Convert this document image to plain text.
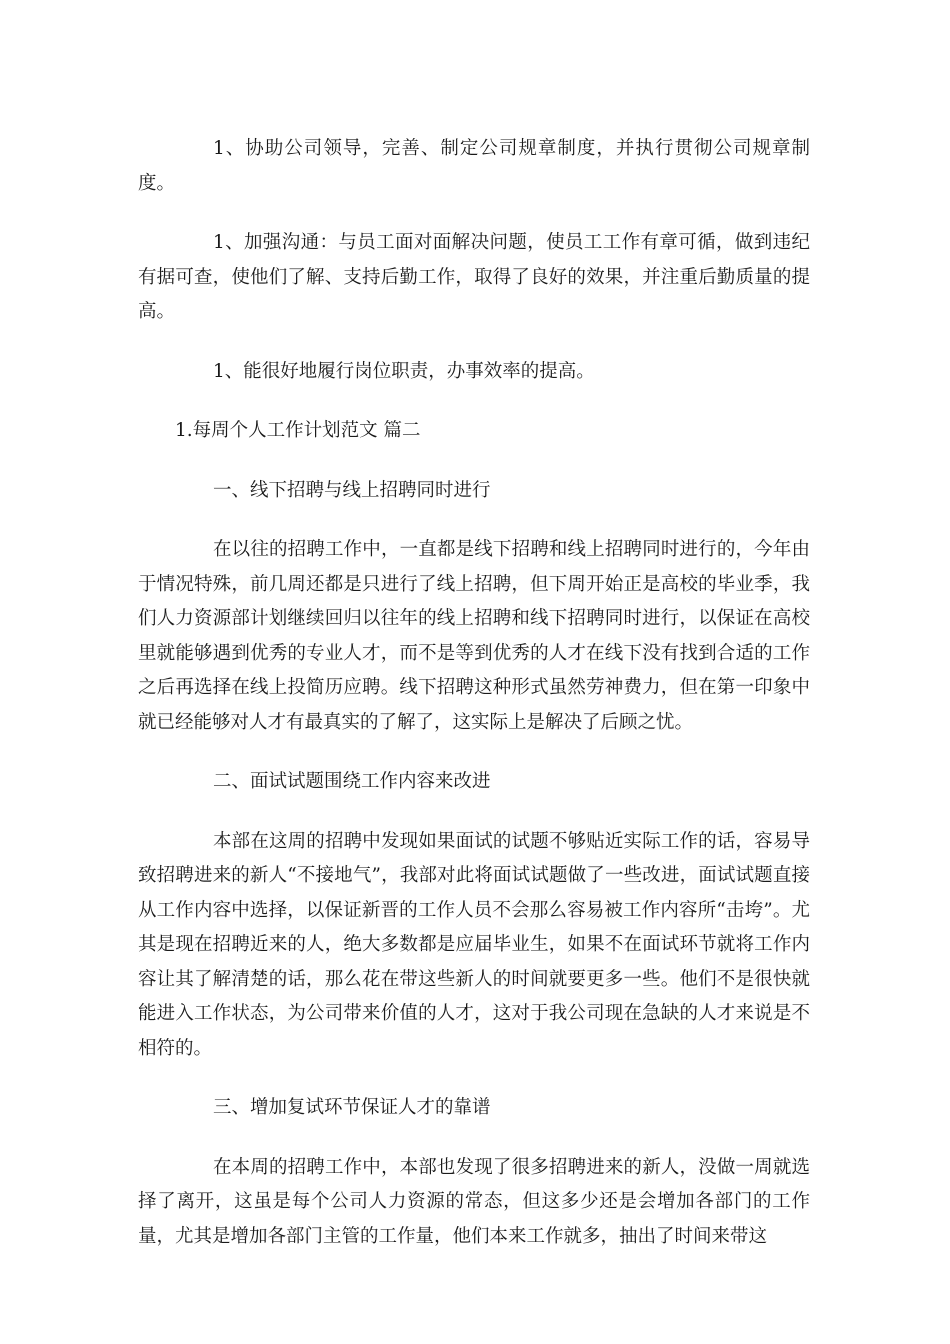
1、协助公司领导，完善、制定公司规章制度，并执行贯彻公司规章制度。

1、加强沟通：与员工面对面解决问题，使员工工作有章可循，做到违纪有据可查，使他们了解、支持后勤工作，取得了良好的效果，并注重后勤质量的提高。

1、能很好地履行岗位职责，办事效率的提高。

1.每周个人工作计划范文 篇二

一、线下招聘与线上招聘同时进行

在以往的招聘工作中，一直都是线下招聘和线上招聘同时进行的，今年由于情况特殊，前几周还都是只进行了线上招聘，但下周开始正是高校的毕业季，我们人力资源部计划继续回归以往年的线上招聘和线下招聘同时进行，以保证在高校里就能够遇到优秀的专业人才，而不是等到优秀的人才在线下没有找到合适的工作之后再选择在线上投简历应聘。线下招聘这种形式虽然劳神费力，但在第一印象中就已经能够对人才有最真实的了解了，这实际上是解决了后顾之忧。

二、面试试题围绕工作内容来改进

本部在这周的招聘中发现如果面试的试题不够贴近实际工作的话，容易导致招聘进来的新人“不接地气”，我部对此将面试试题做了一些改进，面试试题直接从工作内容中选择，以保证新晋的工作人员不会那么容易被工作内容所“击垮”。尤其是现在招聘近来的人，绝大多数都是应届毕业生，如果不在面试环节就将工作内容让其了解清楚的话，那么花在带这些新人的时间就要更多一些。他们不是很快就能进入工作状态，为公司带来价值的人才，这对于我公司现在急缺的人才来说是不相符的。

三、增加复试环节保证人才的靠谱

在本周的招聘工作中，本部也发现了很多招聘进来的新人，没做一周就选择了离开，这虽是每个公司人力资源的常态，但这多少还是会增加各部门的工作量，尤其是增加各部门主管的工作量，他们本来工作就多，抽出了时间来带这
